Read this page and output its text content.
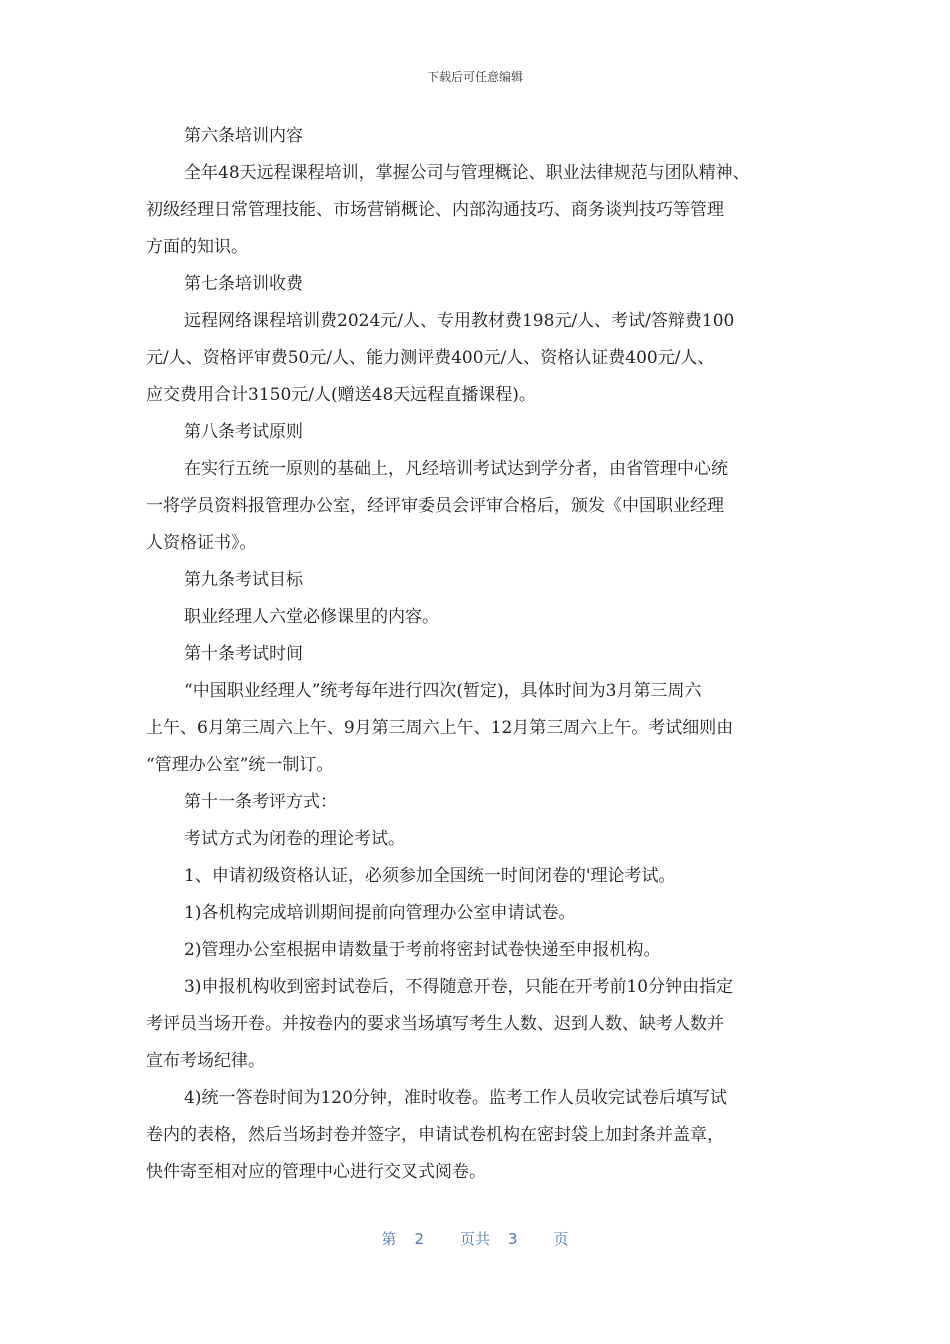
下载后可任意编辑
第六条培训内容
全年48天远程课程培训，掌握公司与管理概论、职业法律规范与团队精神、
初级经理日常管理技能、市场营销概论、内部沟通技巧、商务谈判技巧等管理
方面的知识。
第七条培训收费
远程网络课程培训费2024元/人、专用教材费198元/人、考试/答辩费100
元/人、资格评审费50元/人、能力测评费400元/人、资格认证费400元/人、
应交费用合计3150元/人(赠送48天远程直播课程)。
第八条考试原则
在实行五统一原则的基础上，凡经培训考试达到学分者，由省管理中心统
一将学员资料报管理办公室，经评审委员会评审合格后，颁发《中国职业经理
人资格证书》。
第九条考试目标
职业经理人六堂必修课里的内容。
第十条考试时间
“中国职业经理人”统考每年进行四次(暂定)，具体时间为3月第三周六
上午、6月第三周六上午、9月第三周六上午、12月第三周六上午。考试细则由
“管理办公室”统一制订。
第十一条考评方式：
考试方式为闭卷的理论考试。
1、申请初级资格认证，必须参加全国统一时间闭卷的'理论考试。
1)各机构完成培训期间提前向管理办公室申请试卷。
2)管理办公室根据申请数量于考前将密封试卷快递至申报机构。
3)申报机构收到密封试卷后，不得随意开卷，只能在开考前10分钟由指定
考评员当场开卷。并按卷内的要求当场填写考生人数、迟到人数、缺考人数并
宣布考场纪律。
4)统一答卷时间为120分钟，准时收卷。监考工作人员收完试卷后填写试
卷内的表格，然后当场封卷并签字，申请试卷机构在密封袋上加封条并盖章，
快件寄至相对应的管理中心进行交叉式阅卷。
第 2 页共 3 页
